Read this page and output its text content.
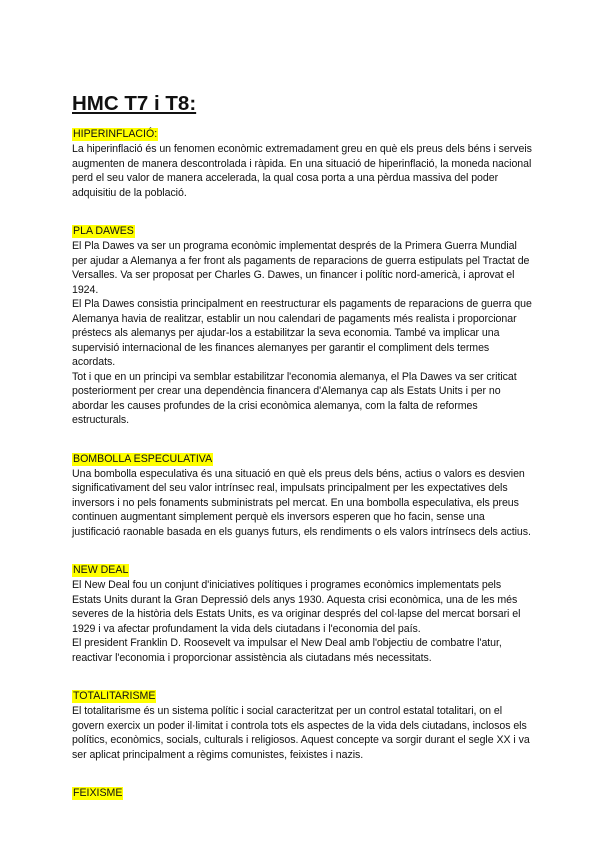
HMC T7 i T8:
HIPERINFLACIÓ:

La hiperinflació és un fenomen econòmic extremadament greu en què els preus dels béns i serveis augmenten de manera descontrolada i ràpida. En una situació de hiperinflació, la moneda nacional perd el seu valor de manera accelerada, la qual cosa porta a una pèrdua massiva del poder adquisitiu de la població.

PLA DAWES

El Pla Dawes va ser un programa econòmic implementat després de la Primera Guerra Mundial per ajudar a Alemanya a fer front als pagaments de reparacions de guerra estipulats pel Tractat de Versalles. Va ser proposat per Charles G. Dawes, un financer i polític nord-americà, i aprovat el 1924.

El Pla Dawes consistia principalment en reestructurar els pagaments de reparacions de guerra que Alemanya havia de realitzar, establir un nou calendari de pagaments més realista i proporcionar préstecs als alemanys per ajudar-los a estabilitzar la seva economia. També va implicar una supervisió internacional de les finances alemanyes per garantir el compliment dels termes acordats.

Tot i que en un principi va semblar estabilitzar l'economia alemanya, el Pla Dawes va ser criticat posteriorment per crear una dependència financera d'Alemanya cap als Estats Units i per no abordar les causes profundes de la crisi econòmica alemanya, com la falta de reformes estructurals.

BOMBOLLA ESPECULATIVA

Una bombolla especulativa és una situació en què els preus dels béns, actius o valors es desvien significativament del seu valor intrínsec real, impulsats principalment per les expectatives dels inversors i no pels fonaments subministrats pel mercat. En una bombolla especulativa, els preus continuen augmentant simplement perquè els inversors esperen que ho facin, sense una justificació raonable basada en els guanys futurs, els rendiments o els valors intrínsecs dels actius.

NEW DEAL

El New Deal fou un conjunt d'iniciatives polítiques i programes econòmics implementats pels Estats Units durant la Gran Depressió dels anys 1930. Aquesta crisi econòmica, una de les més severes de la història dels Estats Units, es va originar després del col·lapse del mercat borsari el 1929 i va afectar profundament la vida dels ciutadans i l'economia del país.

El president Franklin D. Roosevelt va impulsar el New Deal amb l'objectiu de combatre l'atur, reactivar l'economia i proporcionar assistència als ciutadans més necessitats.

TOTALITARISME

El totalitarisme és un sistema polític i social caracteritzat per un control estatal totalitari, on el govern exercix un poder il·limitat i controla tots els aspectes de la vida dels ciutadans, inclosos els polítics, econòmics, socials, culturals i religiosos. Aquest concepte va sorgir durant el segle XX i va ser aplicat principalment a règims comunistes, feixistes i nazis.

FEIXISME
